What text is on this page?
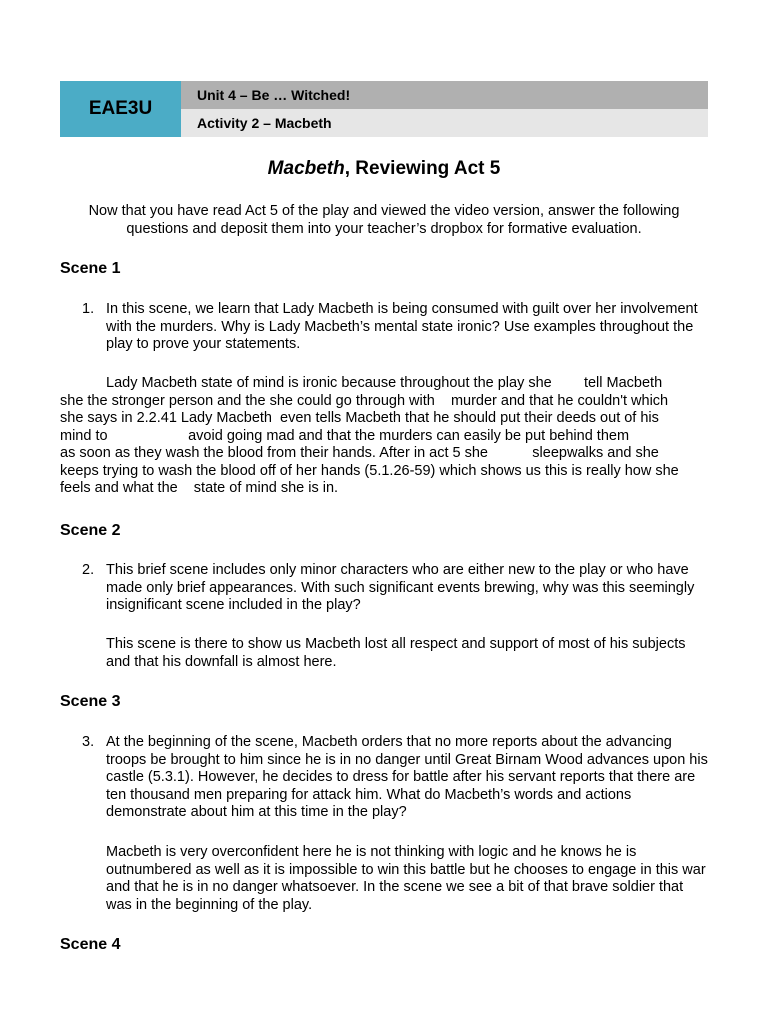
EAE3U
Unit 4 – Be … Witched!
Activity 2 – Macbeth
Macbeth, Reviewing Act 5
Now that you have read Act 5 of the play and viewed the video version, answer the following questions and deposit them into your teacher’s dropbox for formative evaluation.
Scene 1
1. In this scene, we learn that Lady Macbeth is being consumed with guilt over her involvement with the murders. Why is Lady Macbeth’s mental state ironic? Use examples throughout the play to prove your statements.
Lady Macbeth state of mind is ironic because throughout the play she        tell Macbeth
she the stronger person and the she could go through with    murder and that he couldn't which
she says in 2.2.41 Lady Macbeth  even tells Macbeth that he should put their deeds out of his
mind to                    avoid going mad and that the murders can easily be put behind them
as soon as they wash the blood from their hands. After in act 5 she           sleepwalks and she
keeps trying to wash the blood off of her hands (5.1.26-59) which shows us this is really how she
feels and what the    state of mind she is in.
Scene 2
2. This brief scene includes only minor characters who are either new to the play or who have made only brief appearances. With such significant events brewing, why was this seemingly insignificant scene included in the play?
This scene is there to show us Macbeth lost all respect and support of most of his subjects and that his downfall is almost here.
Scene 3
3. At the beginning of the scene, Macbeth orders that no more reports about the advancing troops be brought to him since he is in no danger until Great Birnam Wood advances upon his castle (5.3.1). However, he decides to dress for battle after his servant reports that there are ten thousand men preparing for attack him. What do Macbeth’s words and actions demonstrate about him at this time in the play?
Macbeth is very overconfident here he is not thinking with logic and he knows he is outnumbered as well as it is impossible to win this battle but he chooses to engage in this war and that he is in no danger whatsoever. In the scene we see a bit of that brave soldier that was in the beginning of the play.
Scene 4
